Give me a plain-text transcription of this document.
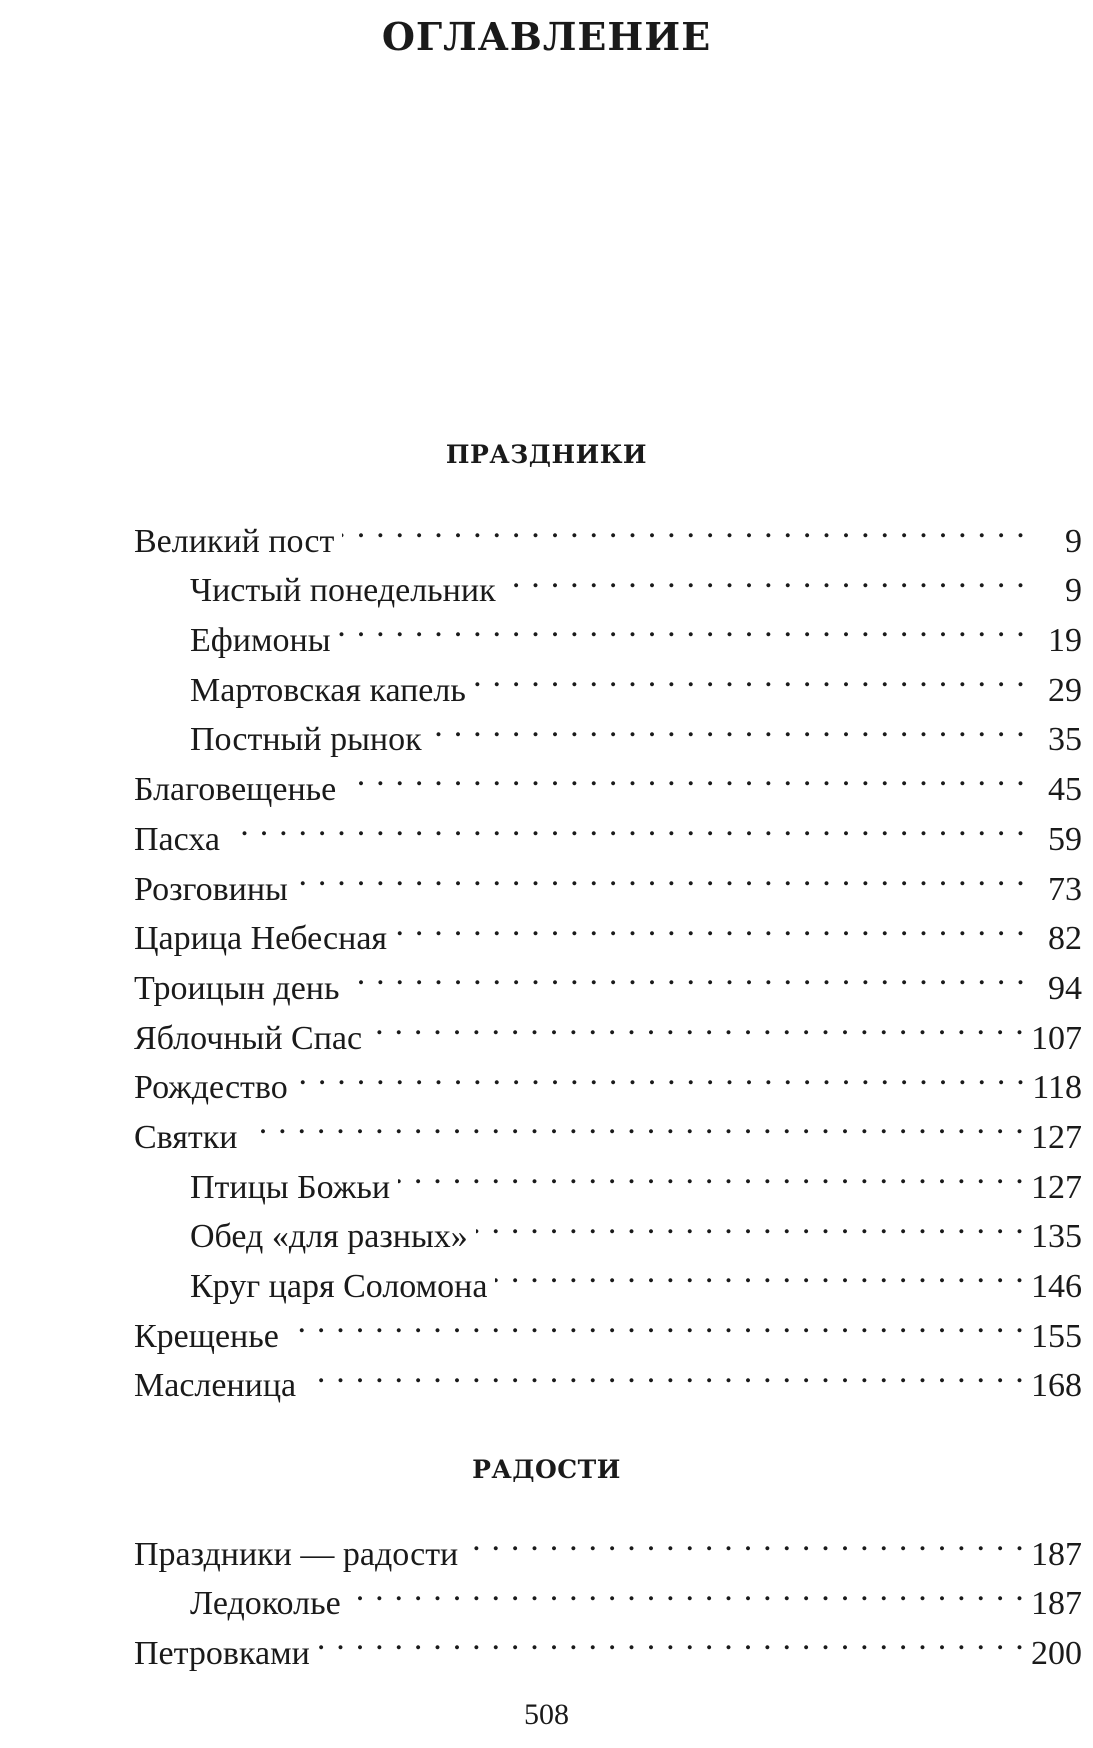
ОГЛАВЛЕНИЕ
ПРАЗДНИКИ
Великий пост . . .	9
Чистый понедельник . . .	9
Ефимоны . . .	19
Мартовская капель . . .	29
Постный рынок . . .	35
Благовещенье . . .	45
Пасха . . .	59
Розговины . . .	73
Царица Небесная . . .	82
Троицын день . . .	94
Яблочный Спас . . .	107
Рождество . . .	118
Святки . . .	127
Птицы Божьи . . .	127
Обед «для разных» . . .	135
Круг царя Соломона . . .	146
Крещенье . . .	155
Масленица . . .	168
РАДОСТИ
Праздники — радости . . .	187
Ледоколье . . .	187
Петровками . . .	200
508
